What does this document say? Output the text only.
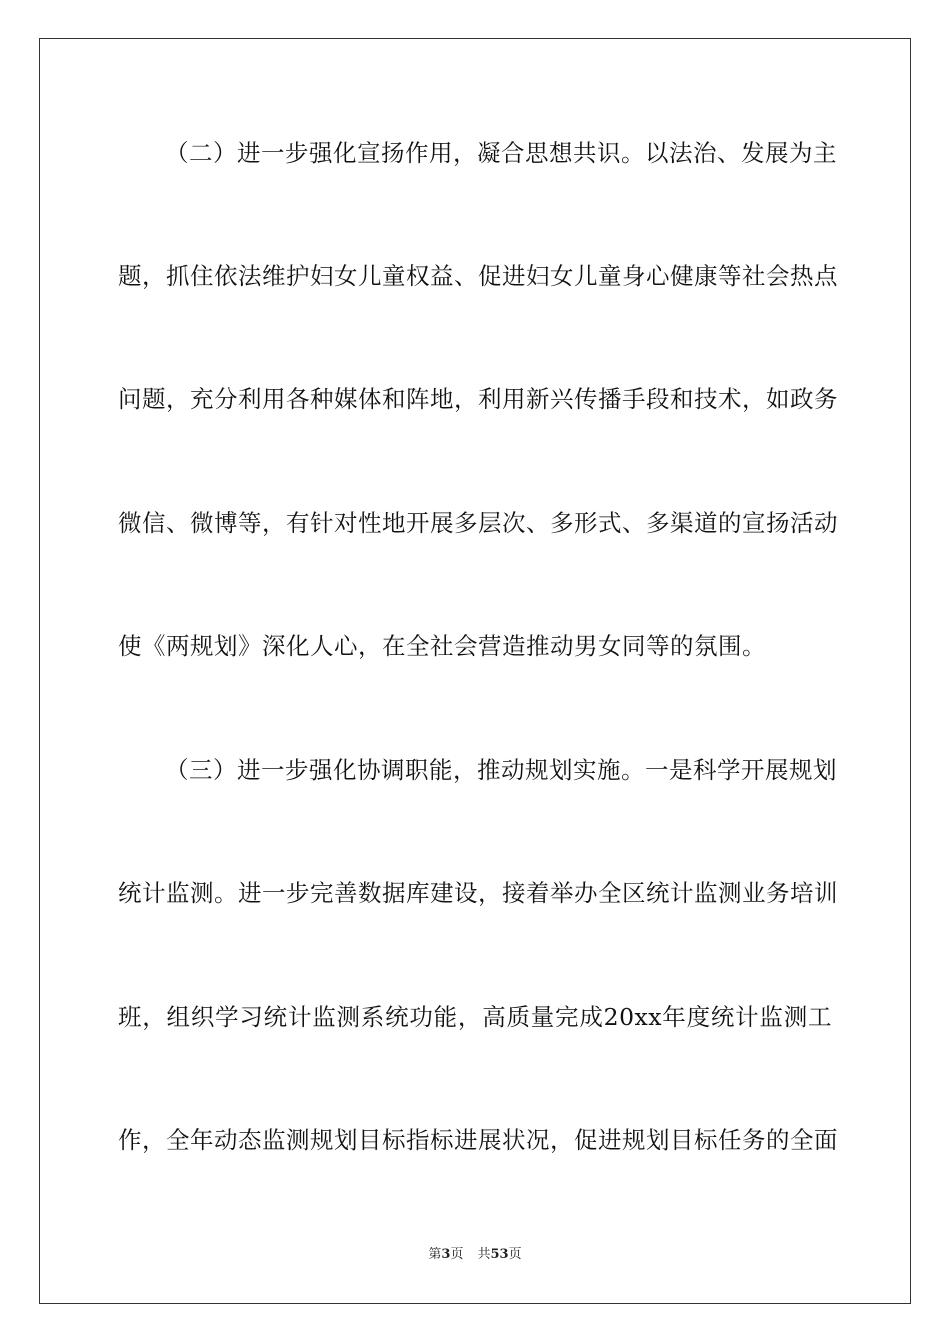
（二）进一步强化宣扬作用，凝合思想共识。以法治、发展为主
题，抓住依法维护妇女儿童权益、促进妇女儿童身心健康等社会热点
问题，充分利用各种媒体和阵地，利用新兴传播手段和技术，如政务
微信、微博等，有针对性地开展多层次、多形式、多渠道的宣扬活动
使《两规划》深化人心，在全社会营造推动男女同等的氛围。
（三）进一步强化协调职能，推动规划实施。一是科学开展规划
统计监测。进一步完善数据库建设，接着举办全区统计监测业务培训
班，组织学习统计监测系统功能，高质量完成20xx年度统计监测工
作，全年动态监测规划目标指标进展状况，促进规划目标任务的全面
第3页 共53页
